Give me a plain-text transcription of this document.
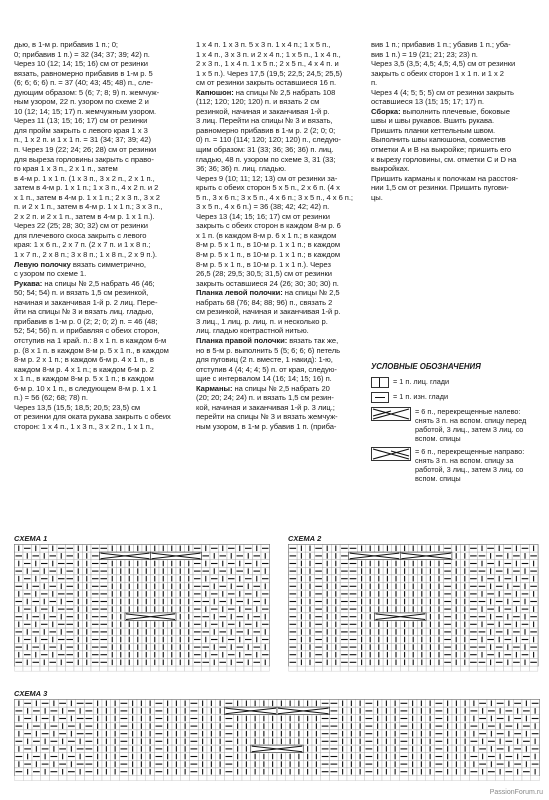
дью, в 1-м р. прибавив 1 п.; 0;

0; прибавив 1 п.) = 32 (34; 37; 39; 42) п.

Через 10 (12; 14; 15; 16) см от резинки

вязать, равномерно прибавив в 1-м р. 5

(6; 6; 6; 6) п. = 37 (40; 43; 45; 48) п., сле-

дующим образом: 5 (6; 7; 8; 9) п. жемчуж-

ным узором, 22 п. узором по схеме 2 и

10 (12; 14; 15; 17) п. жемчужным узором.

Через 11 (13; 15; 16; 17) см от резинки

для пройм закрыть с левого края 1 х 3

п., 1 х 2 п. и 1 х 1 п. = 31 (34; 37; 39; 42)

п. Через 19 (22; 24; 26; 28) см от резинки

для выреза горловины закрыть с право-

го края 1 х 3 п., 2 х 1 п., затем

в 4-м р. 1 х 1 п. (1 х 3 п., 3 х 2 п., 2 х 1 п.,

затем в 4-м р. 1 х 1 п.; 1 х 3 п., 4 х 2 п. и 2

х 1 п., затем в 4-м р. 1 х 1 п.; 2 х 3 п., 3 х 2

п. и 2 х 1 п., затем в 4-м р. 1 х 1 п.; 3 х 3 п.,

2 х 2 п. и 2 х 1 п., затем в 4-м р. 1 х 1 п.).

Через 22 (25; 28; 30; 32) см от резинки

для плечевого скоса закрыть с левого

края: 1 х 6 п., 2 х 7 п. (2 х 7 п. и 1 х 8 п.;

1 х 7 п., 2 х 8 п.; 3 х 8 п.; 1 х 8 п., 2 х 9 п.).

Левую полочку вязать симметрично,

с узором по схеме 1.

Рукава: на спицы № 2,5 набрать 46 (46;

50; 54; 54) п. и вязать 1,5 см резинкой,

начиная и заканчивая 1-й р. 2 лиц. Пере-

йти на спицы № 3 и вязать лиц. гладью,

прибавив в 1-м р. 0 (2; 2; 0; 2) п. = 46 (48;

52; 54; 56) п. и прибавляя с обеих сторон,

отступив на 1 край. п.: 8 х 1 п. в каждом 6-м

р. (8 х 1 п. в каждом 8-м р. 5 х 1 п., в каждом

8-м р. 2 х 1 п.; в каждом 6-м р. 4 х 1 п., в

каждом 8-м р. 4 х 1 п.; в каждом 6-м р. 2

х 1 п., в каждом 8-м р. 5 х 1 п.; в каждом

6-м р. 10 х 1 п., в следующем 8-м р. 1 х 1

п.) = 56 (62; 68; 78) п.

Через 13,5 (15,5; 18,5; 20,5; 23,5) см

от резинки для оката рукава закрыть с обеих

сторон: 1 х 4 п., 1 х 3 п., 3 х 2 п., 1 х 1 п.,

1 х 4 п. 1 х 3 п. 5 х 3 п. 1 х 4 п.; 1 х 5 п.,

1 х 4 п., 3 х 3 п. и 2 х 4 п.; 1 х 5 п., 1 х 4 п.,

2 х 3 п., 1 х 4 п. 1 х 5 п.; 2 х 5 п., 4 х 4 п. и

1 х 5 п.). Через 17,5 (19,5; 22,5; 24,5; 25,5)

см от резинки закрыть оставшиеся 16 п.

Капюшон: на спицы № 2,5 набрать 108

(112; 120; 120; 120) п. и вязать 2 см

резинкой, начиная и заканчивая 1-й р.

3 лиц. Перейти на спицы № 3 и вязать,

равномерно прибавив в 1-м р. 2 (2; 0; 0;

0) п. = 110 (114; 120; 120; 120) п., следую-

щим образом: 31 (33; 36; 36; 36) п. лиц.

гладью, 48 п. узором по схеме 3, 31 (33;

36; 36; 36) п. лиц. гладью.

Через 9 (10; 11; 12; 13) см от резинки за-

крыть с обеих сторон 5 х 5 п., 2 х 6 п. (4 х

5 п., 3 х 6 п.; 3 х 5 п., 4 х 6 п.; 3 х 5 п., 4 х 6 п.;

3 х 5 п., 4 х 6 п.) = 36 (38; 42; 42; 42) п.

Через 13 (14; 15; 16; 17) см от резинки

закрыть с обеих сторон в каждом 8-м р. 6

х 1 п. (в каждом 8-м р. 6 х 1 п.; в каждом

8-м р. 5 х 1 п., в 10-м р. 1 х 1 п.; в каждом

8-м р. 5 х 1 п., в 10-м р. 1 х 1 п.; в каждом

8-м р. 5 х 1 п., в 10-м р. 1 х 1 п.). Через

26,5 (28; 29,5; 30,5; 31,5) см от резинки

закрыть оставшиеся 24 (26; 30; 30; 30) п.

Планка левой полочки: на спицы № 2,5

набрать 68 (76; 84; 88; 96) п., связать 2

см резинкой, начиная и заканчивая 1-й р.

3 лиц., 1 лиц. р. лиц. п. и несколько р.

лиц. гладью контрастной нитью.

Планка правой полочки: вязать так же,

но в 5-м р. выполнить 5 (5; 6; 6; 6) петель

для пуговиц (2 п. вместе, 1 накид): 1-ю,

отступив 4 (4; 4; 4; 5) п. от края, следую-

щие с интервалом 14 (16; 14; 15; 16) п.

Карманы: на спицы № 2,5 набрать 20

(20; 20; 24; 24) п. и вязать 1,5 см резин-

кой, начиная и заканчивая 1-й р. 3 лиц.;

перейти на спицы № 3 и вязать жемчуж-

ным узором, в 1-м р. убавив 1 п. (приба-

вив 1 п.; прибавив 1 п.; убавив 1 п.; уба-

вив 1 п.) = 19 (21; 21; 23; 23) п.

Через 3,5 (3,5; 4,5; 4,5; 4,5) см от резинки

закрыть с обеих сторон 1 х 1 п. и 1 х 2

п.

Через 4 (4; 5; 5; 5) см от резинки закрыть

оставшиеся 13 (15; 15; 17; 17) п.

Сборка: выполнить плечевые, боковые

швы и швы рукавов. Вшить рукава.

Пришить планки кеттельным швом.

Выполнить швы капюшона, совместив

отметки А и В на выкройке; пришить его

к вырезу горловины, см. отметки С и D на

выкройках.

Пришить карманы к полочкам на расстоя-

нии 1,5 см от резинки. Пришить пугови-

цы.

УСЛОВНЫЕ ОБОЗНАЧЕНИЯ
= 1 п. лиц. глади
= 1 п. изн. глади
= 6 п., перекрещенные налево: снять 3 п. на вспом. спицу перед работой, 3 лиц., затем 3 лиц. со вспом. спицы
= 6 п., перекрещенные направо: снять 3 п. на вспом. спицу за работой, 3 лиц., затем 3 лиц. со вспом. спицы
СХЕМА 1	СХЕМА 2
СХЕМА 3
PassionForum.ru
